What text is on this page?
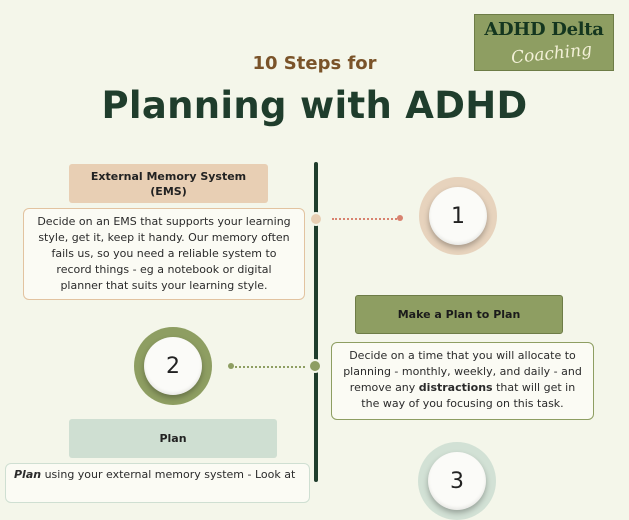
ADHD Delta
Coaching
10 Steps for
Planning with ADHD
1
2
3
External Memory System
(EMS)
Decide on an EMS that supports your learning style, get it, keep it handy. Our memory often fails us, so you need a reliable system to record things - eg a notebook or digital planner that suits your learning style.
Make a Plan to Plan
Decide on a time that you will allocate to planning - monthly, weekly, and daily - and remove any distractions that will get in the way of you focusing on this task.
Plan
Plan using your external memory system - Look at
